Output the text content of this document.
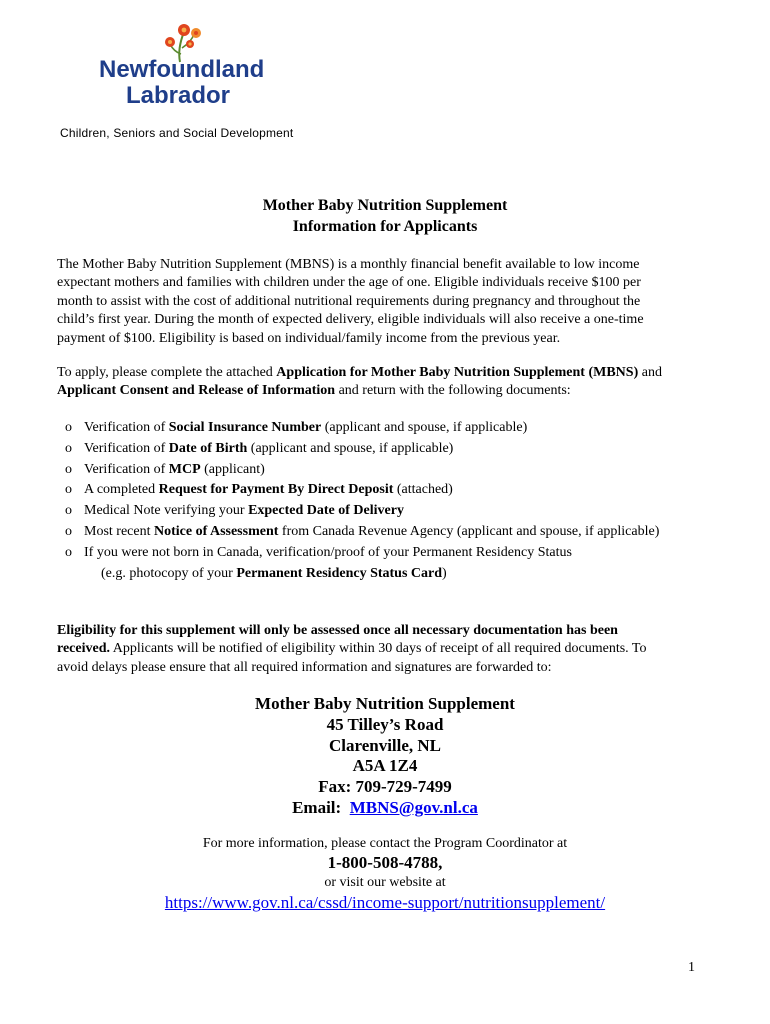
Newfoundland
Labrador
Children, Seniors and Social Development
Mother Baby Nutrition Supplement
Information for Applicants
The Mother Baby Nutrition Supplement (MBNS) is a monthly financial benefit available to low income
expectant mothers and families with children under the age of one. Eligible individuals receive $100 per
month to assist with the cost of additional nutritional requirements during pregnancy and throughout the
child’s first year. During the month of expected delivery, eligible individuals will also receive a one-time
payment of $100. Eligibility is based on individual/family income from the previous year.
To apply, please complete the attached Application for Mother Baby Nutrition Supplement (MBNS) and
Applicant Consent and Release of Information and return with the following documents:
o Verification of Social Insurance Number (applicant and spouse, if applicable)
o Verification of Date of Birth (applicant and spouse, if applicable)
o Verification of MCP (applicant)
o A completed Request for Payment By Direct Deposit (attached)
o Medical Note verifying your Expected Date of Delivery
o Most recent Notice of Assessment from Canada Revenue Agency (applicant and spouse, if applicable)
o If you were not born in Canada, verification/proof of your Permanent Residency Status
(e.g. photocopy of your Permanent Residency Status Card)
Eligibility for this supplement will only be assessed once all necessary documentation has been
received. Applicants will be notified of eligibility within 30 days of receipt of all required documents. To
avoid delays please ensure that all required information and signatures are forwarded to:
Mother Baby Nutrition Supplement
45 Tilley’s Road
Clarenville, NL
A5A 1Z4
Fax: 709-729-7499
Email: MBNS@gov.nl.ca
For more information, please contact the Program Coordinator at
1-800-508-4788,
or visit our website at
https://www.gov.nl.ca/cssd/income-support/nutritionsupplement/
1
